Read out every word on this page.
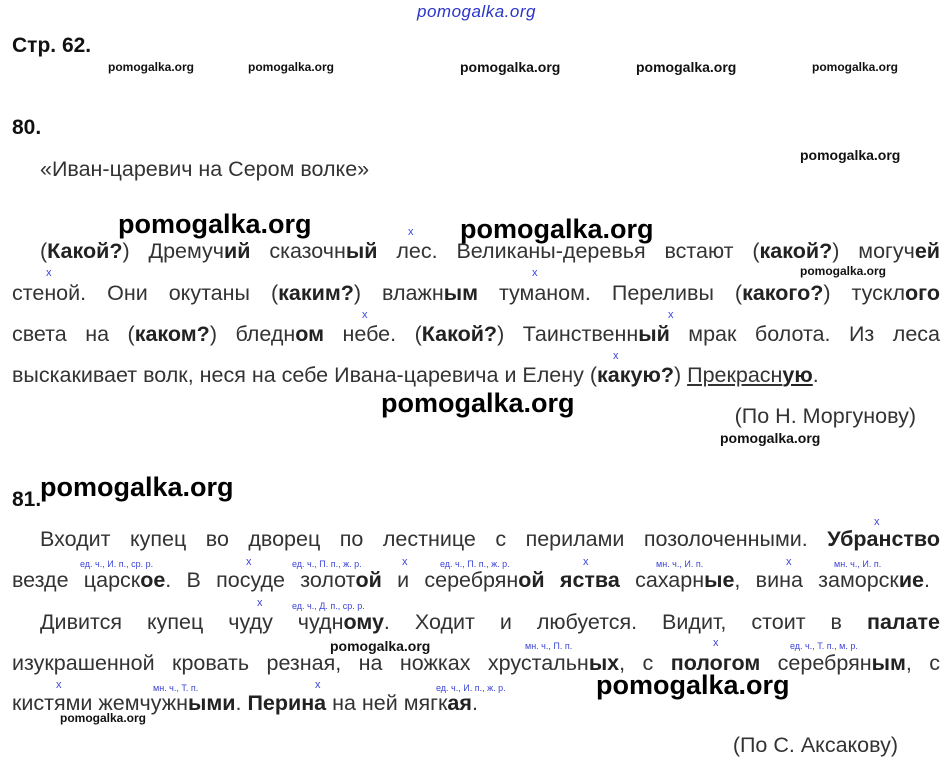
pomogalka.org
Стр. 62.
pomogalka.org	pomogalka.org	pomogalka.org	pomogalka.org	pomogalka.org
80.
pomogalka.org
«Иван-царевич на Сером волке»
pomogalka.org	x pomogalka.org
(Какой?) Дремучий сказочный лес. Великаны-деревья встают (какой?) могучей
x	x	pomogalka.org
стеной. Они окутаны (каким?) влажным туманом. Переливы (какого?) тусклого
x	x
света на (каком?) бледном небе. (Какой?) Таинственный мрак болота. Из леса
x
выскакивает волк, неся на себе Ивана-царевича и Елену (какую?) Прекрасную.
pomogalka.org	(По Н. Моргунову)
pomogalka.org
81.
pomogalka.org
x
Входит купец во дворец по лестнице с перилами позолоченными. Убранство
ед. ч., И. п., ср. р.	x	ед. ч., П. п., ж. р.	x	ед. ч., П. п., ж. р.	x	мн. ч., И. п.	x	мн. ч., И. п.
везде царское. В посуде золотой и серебряной яства сахарные, вина заморские.
x	ед. ч., Д. п., ср. р.
Дивится купец чуду чудному. Ходит и любуется. Видит, стоит в палате
pomogalka.org	мн. ч., П. п.	x	ед. ч., Т. п., м. р.
изукрашенной кровать резная, на ножках хрустальных, с пологом серебряным, с
x	мн. ч., Т. п.	x	ед. ч., И. п., ж. р.	pomogalka.org
кистями жемчужными. Перина на ней мягкая.
pomogalka.org
(По С. Аксакову)
